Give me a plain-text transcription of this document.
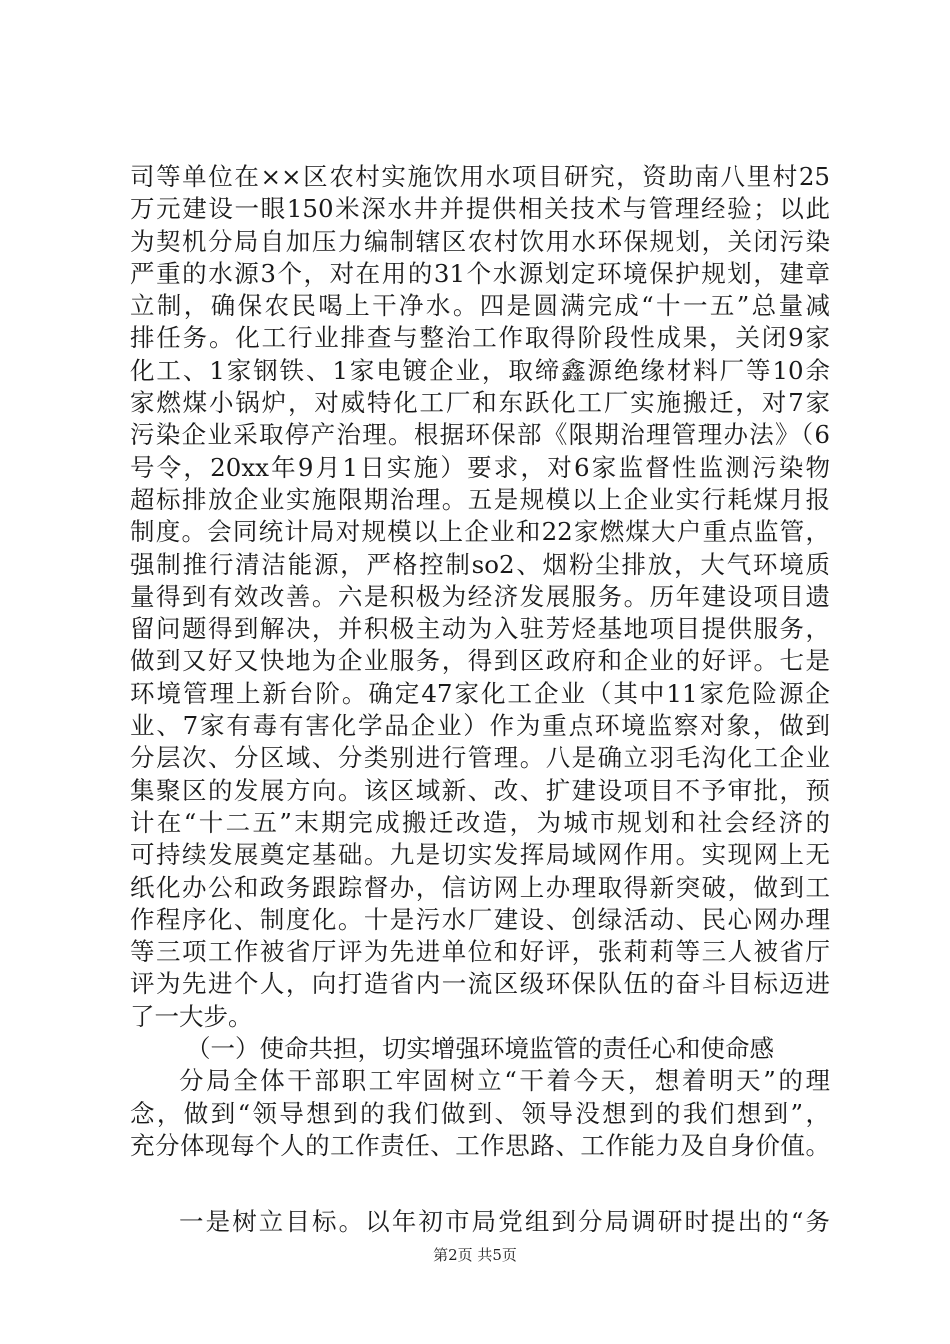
司等单位在××区农村实施饮用水项目研究，资助南八里村25
万元建设一眼150米深水井并提供相关技术与管理经验；以此
为契机分局自加压力编制辖区农村饮用水环保规划，关闭污染
严重的水源3个，对在用的31个水源划定环境保护规划，建章
立制，确保农民喝上干净水。四是圆满完成“十一五”总量减
排任务。化工行业排查与整治工作取得阶段性成果，关闭9家
化工、1家钢铁、1家电镀企业，取缔鑫源绝缘材料厂等10余
家燃煤小锅炉，对威特化工厂和东跃化工厂实施搬迁，对7家
污染企业采取停产治理。根据环保部《限期治理管理办法》（6
号令，20xx年9月1日实施）要求，对6家监督性监测污染物
超标排放企业实施限期治理。五是规模以上企业实行耗煤月报
制度。会同统计局对规模以上企业和22家燃煤大户重点监管，
强制推行清洁能源，严格控制so2、烟粉尘排放，大气环境质
量得到有效改善。六是积极为经济发展服务。历年建设项目遗
留问题得到解决，并积极主动为入驻芳烃基地项目提供服务，
做到又好又快地为企业服务，得到区政府和企业的好评。七是
环境管理上新台阶。确定47家化工企业（其中11家危险源企
业、7家有毒有害化学品企业）作为重点环境监察对象，做到
分层次、分区域、分类别进行管理。八是确立羽毛沟化工企业
集聚区的发展方向。该区域新、改、扩建设项目不予审批，预
计在“十二五”末期完成搬迁改造，为城市规划和社会经济的
可持续发展奠定基础。九是切实发挥局域网作用。实现网上无
纸化办公和政务跟踪督办，信访网上办理取得新突破，做到工
作程序化、制度化。十是污水厂建设、创绿活动、民心网办理
等三项工作被省厅评为先进单位和好评，张莉莉等三人被省厅
评为先进个人，向打造省内一流区级环保队伍的奋斗目标迈进
了一大步。
（一）使命共担，切实增强环境监管的责任心和使命感
分局全体干部职工牢固树立“干着今天，想着明天”的理
念，做到“领导想到的我们做到、领导没想到的我们想到”，
充分体现每个人的工作责任、工作思路、工作能力及自身价值。
一是树立目标。以年初市局党组到分局调研时提出的“务
第2页 共5页
